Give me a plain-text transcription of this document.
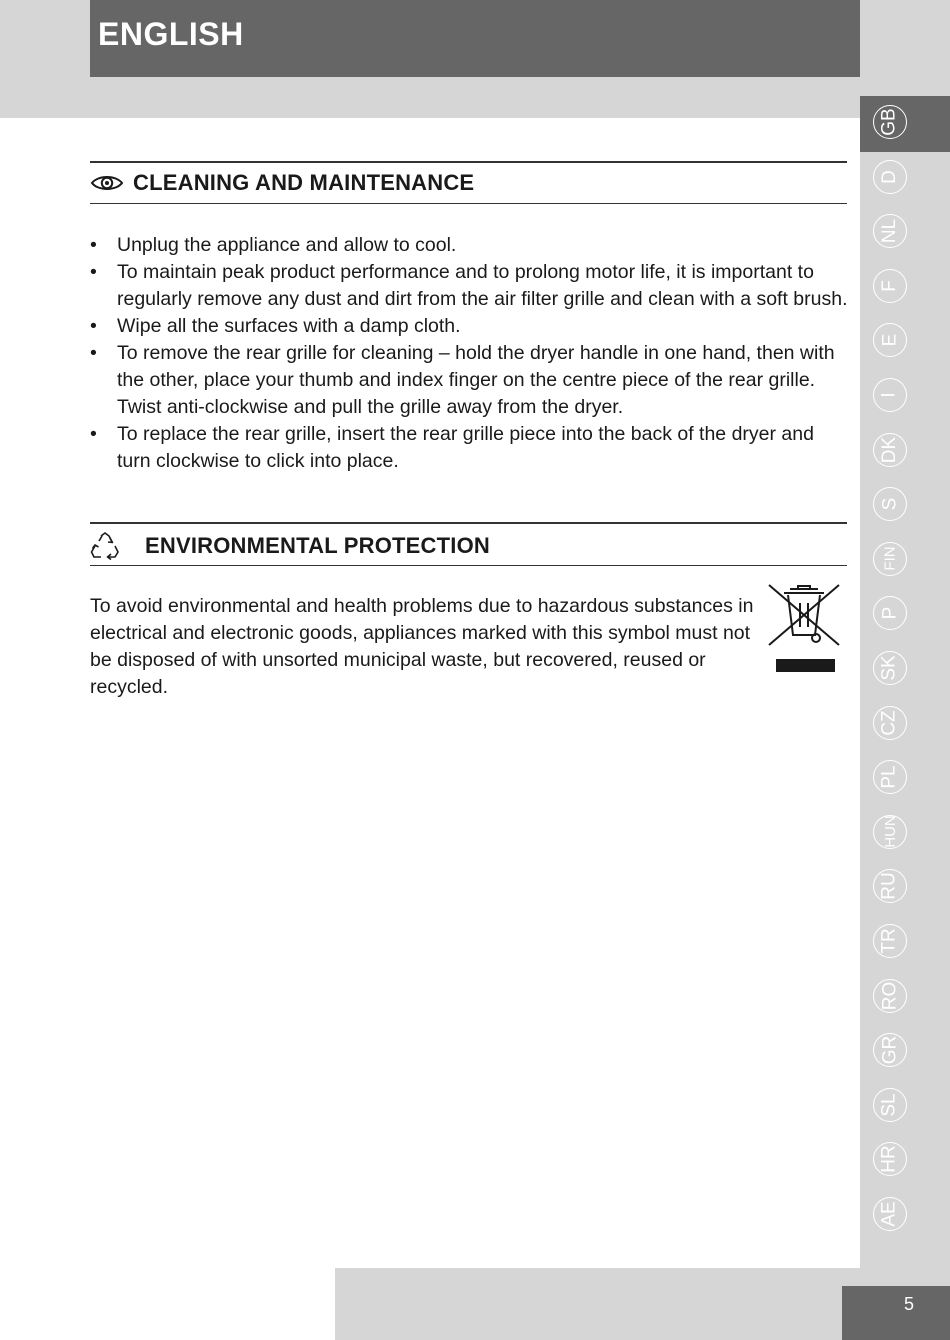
ENGLISH
GB
D
NL
F
E
I
DK
S
FIN
P
SK
CZ
PL
HUN
RU
TR
RO
GR
SL
HR
AE
CLEANING AND MAINTENANCE
• Unplug the appliance and allow to cool.
• To maintain peak product performance and to prolong motor life, it is important to regularly remove any dust and dirt from the air filter grille and clean with a soft brush.
• Wipe all the surfaces with a damp cloth.
• To remove the rear grille for cleaning – hold the dryer handle in one hand, then with the other, place your thumb and index finger on the centre piece of the rear grille. Twist anti-clockwise and pull the grille away from the dryer.
• To replace the rear grille, insert the rear grille piece into the back of the dryer and turn clockwise to click into place.
ENVIRONMENTAL PROTECTION

To avoid environmental and health problems due to hazardous substances in electrical and electronic goods, appliances marked with this symbol must not be disposed of with unsorted municipal waste, but recovered, reused or recycled.

5
